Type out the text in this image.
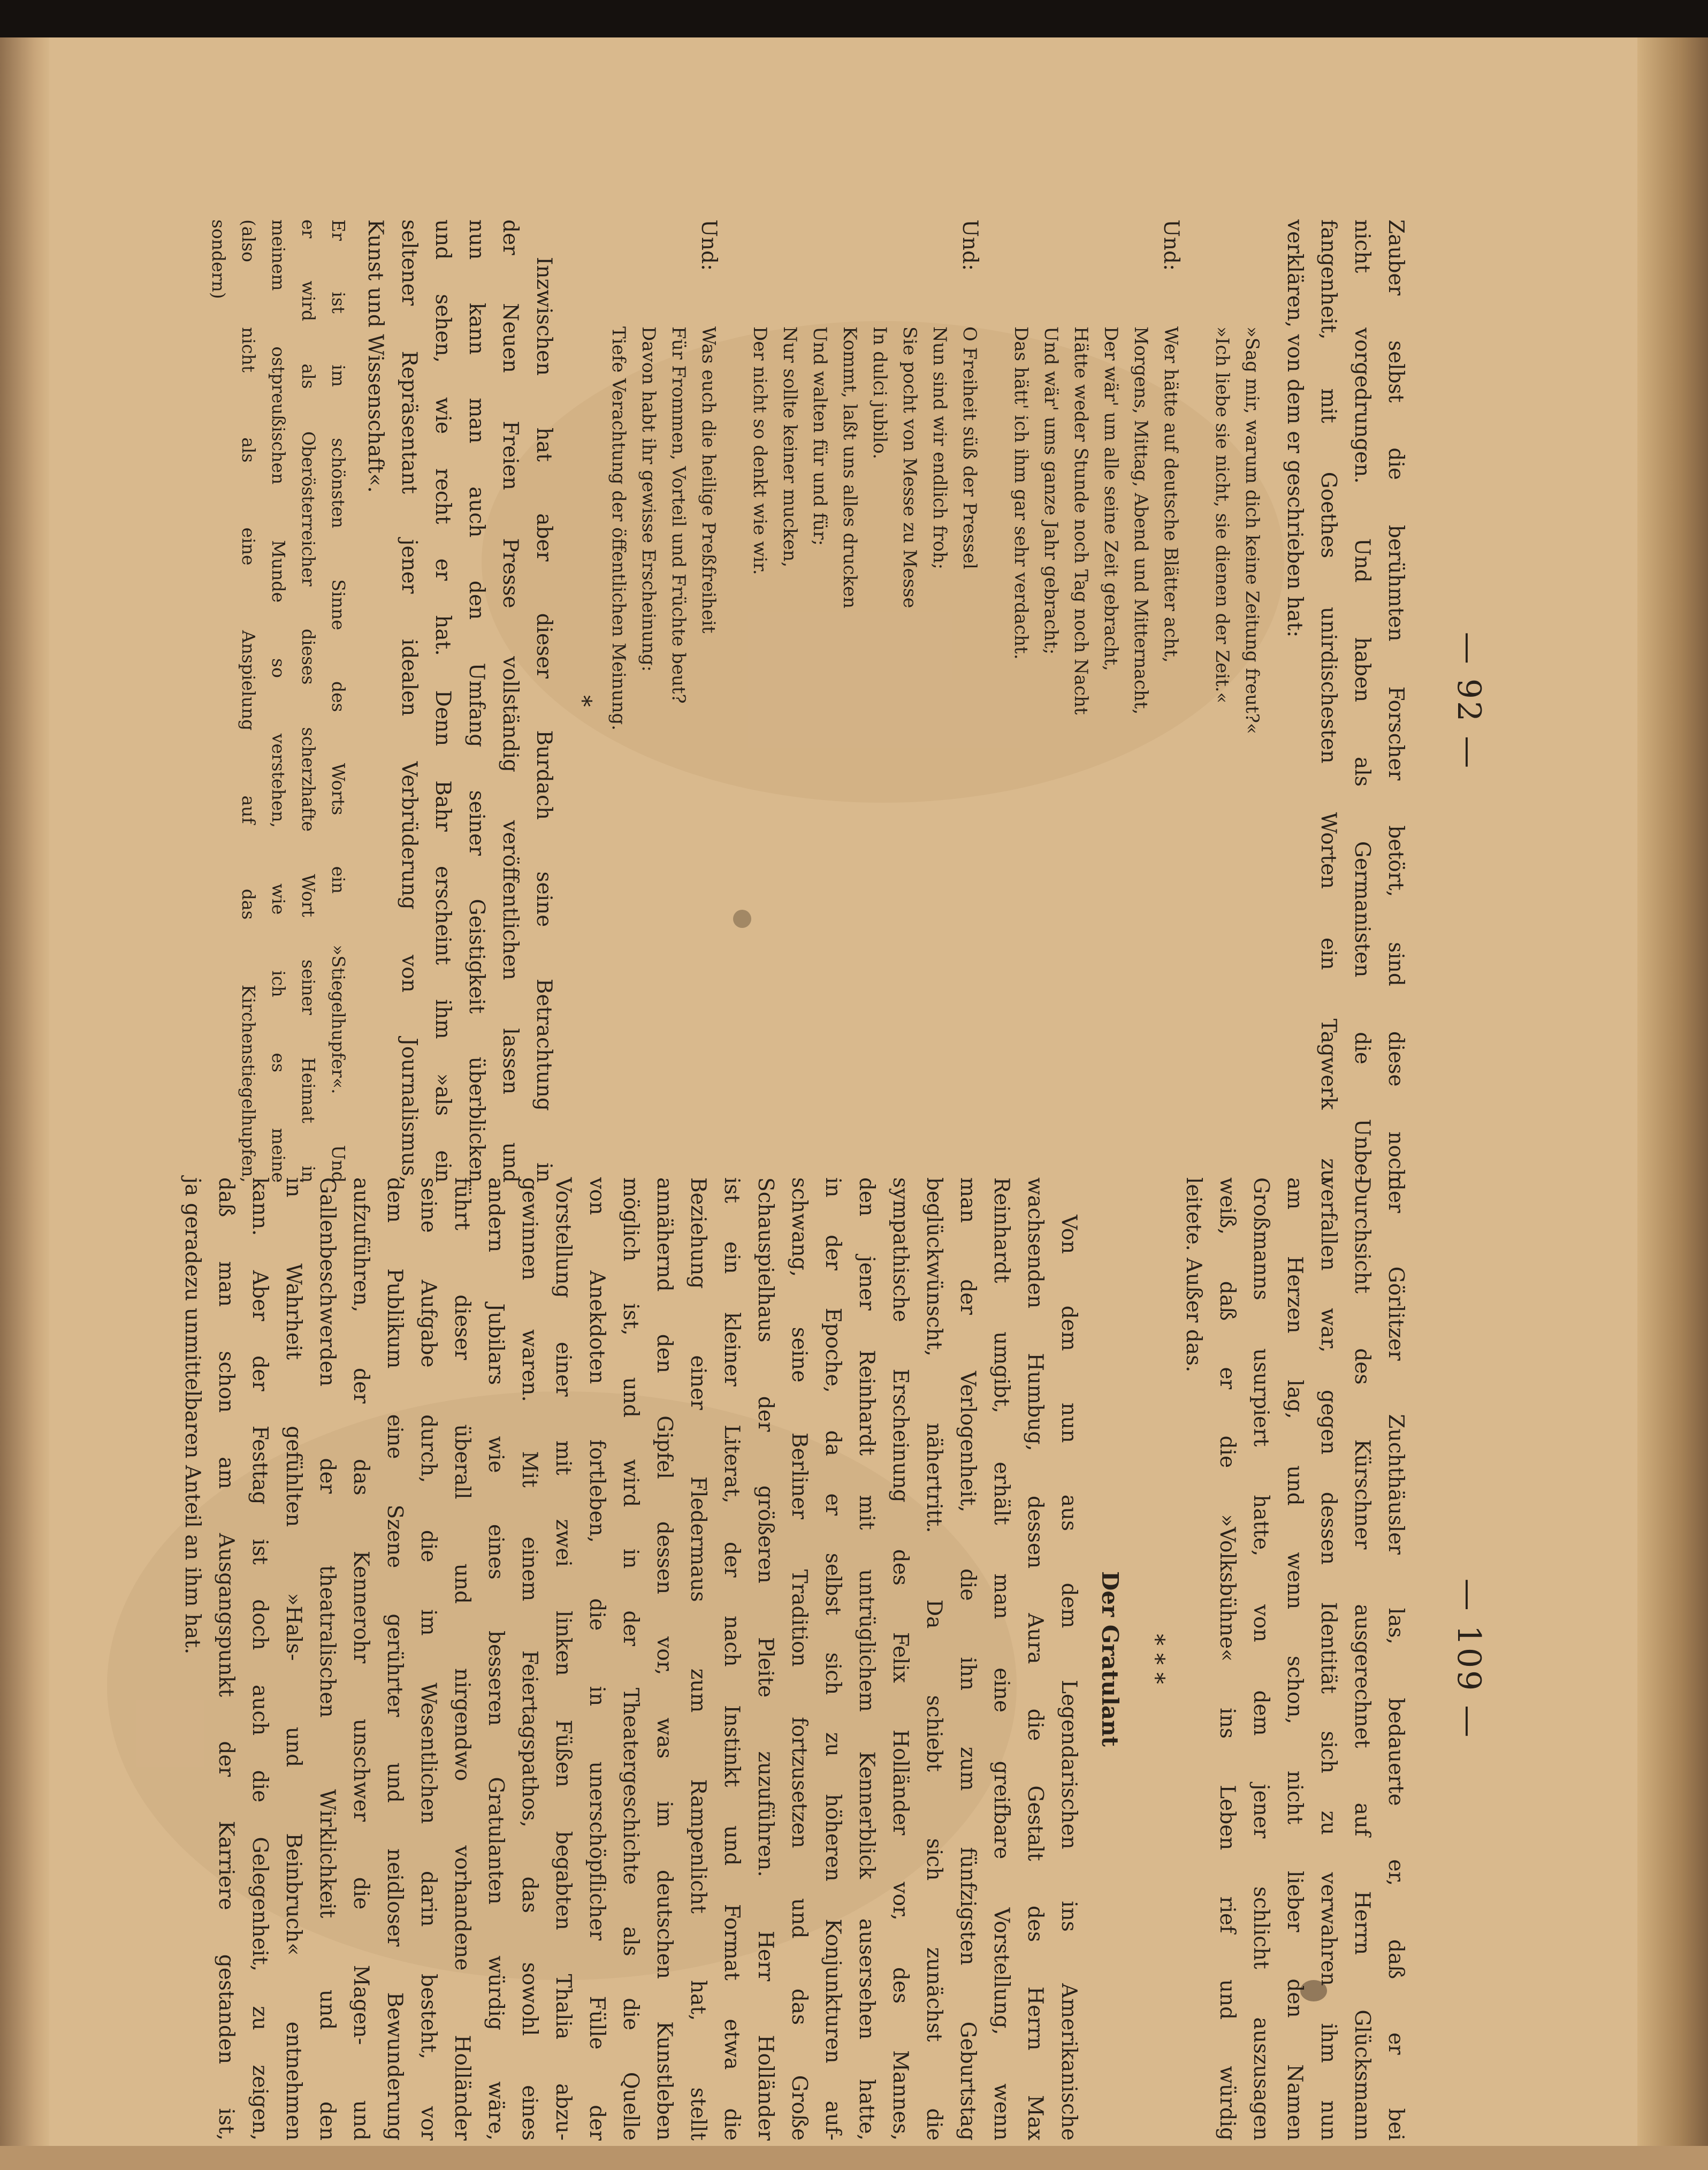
— 92 —
Zauber selbst die berühmten Forscher betört, sind diese noch
nicht vorgedrungen. Und haben als Germanisten die Unbe-
fangenheit, mit Goethes unirdischesten Worten ein Tagwerk zu
verklären, von dem er geschrieben hat:
»Sag mir, warum dich keine Zeitung freut?«
»Ich liebe sie nicht, sie dienen der Zeit.«
Und:
Wer hätte auf deutsche Blätter acht,
Morgens, Mittag, Abend und Mitternacht,
Der wär' um alle seine Zeit gebracht,
Hätte weder Stunde noch Tag noch Nacht
Und wär' ums ganze Jahr gebracht;
Das hätt' ich ihm gar sehr verdacht.
Und:
O Freiheit süß der Pressel
Nun sind wir endlich froh;
Sie pocht von Messe zu Messe
In dulci jubilo.
Kommt, laßt uns alles drucken
Und walten für und für;
Nur sollte keiner mucken,
Der nicht so denkt wie wir.
Und:
Was euch die heilige Preßfreiheit
Für Frommen, Vorteil und Früchte beut?
Davon habt ihr gewisse Erscheinung:
Tiefe Verachtung der öffentlichen Meinung.
*
Inzwischen hat aber dieser Burdach seine Betrachtung in
der Neuen Freien Presse vollständig veröffentlichen lassen und
nun kann man auch den Umfang seiner Geistigkeit überblicken
und sehen, wie recht er hat. Denn Bahr erscheint ihm »als ein
seltener Repräsentant jener idealen Verbrüderung von Journalismus,
Kunst und Wissenschaft«.
Er ist im schönsten Sinne des Worts ein »Stiegelhupfer«. Und
er wird als Oberösterreicher dieses scherzhafte Wort seiner Heimat in
meinem ostpreußischen Munde so verstehen, wie ich es meine
(also nicht als eine Anspielung auf das Kirchenstiegelhupfen,
sondern)
— 109 —
der Görlitzer Zuchthäusler las, bedauerte er, daß er bei
Durchsicht des Kürschner ausgerechnet auf Herrn Glücksmann
verfallen war, gegen dessen Identität sich zu verwahren ihm nun
am Herzen lag, und wenn schon, nicht lieber den Namen
Großmanns usurpiert hatte, von dem jener schlicht auszusagen
weiß, daß er die »Volksbühne« ins Leben rief und würdig
leitete. Außer das.
* * *
Der Gratulant
Von dem nun aus dem Legendarischen ins Amerikanische
wachsenden Humbug, dessen Aura die Gestalt des Herrn Max
Reinhardt umgibt, erhält man eine greifbare Vorstellung, wenn
man der Verlogenheit, die ihn zum fünfzigsten Geburtstag
beglückwünscht, nähertritt. Da schiebt sich zunächst die
sympathische Erscheinung des Felix Holländer vor, des Mannes,
den jener Reinhardt mit untrüglichem Kennerblick ausersehen hatte,
in der Epoche, da er selbst sich zu höheren Konjunkturen auf-
schwang, seine Berliner Tradition fortzusetzen und das Große
Schauspielhaus der größeren Pleite zuzuführen. Herr Holländer
ist ein kleiner Literat, der nach Instinkt und Format etwa die
Beziehung einer Fledermaus zum Rampenlicht hat, stellt
annähernd den Gipfel dessen vor, was im deutschen Kunstleben
möglich ist, und wird in der Theatergeschichte als die Quelle
von Anekdoten fortleben, die in unerschöpflicher Fülle der
Vorstellung einer mit zwei linken Füßen begabten Thalia abzu-
gewinnen waren. Mit einem Feiertagspathos, das sowohl eines
andern Jubilars wie eines besseren Gratulanten würdig wäre,
führt dieser überall und nirgendwo vorhandene Holländer
seine Aufgabe durch, die im Wesentlichen darin besteht, vor
dem Publikum eine Szene gerührter und neidloser Bewunderung
aufzuführen, der das Kennerohr unschwer die Magen- und
Gallenbeschwerden der theatralischen Wirklichkeit und den
in Wahrheit gefühlten »Hals- und Beinbruch« entnehmen
kann. Aber der Festtag ist doch auch die Gelegenheit, zu zeigen,
daß man schon am Ausgangspunkt der Karriere gestanden ist,
ja geradezu unmittelbaren Anteil an ihm hat.
